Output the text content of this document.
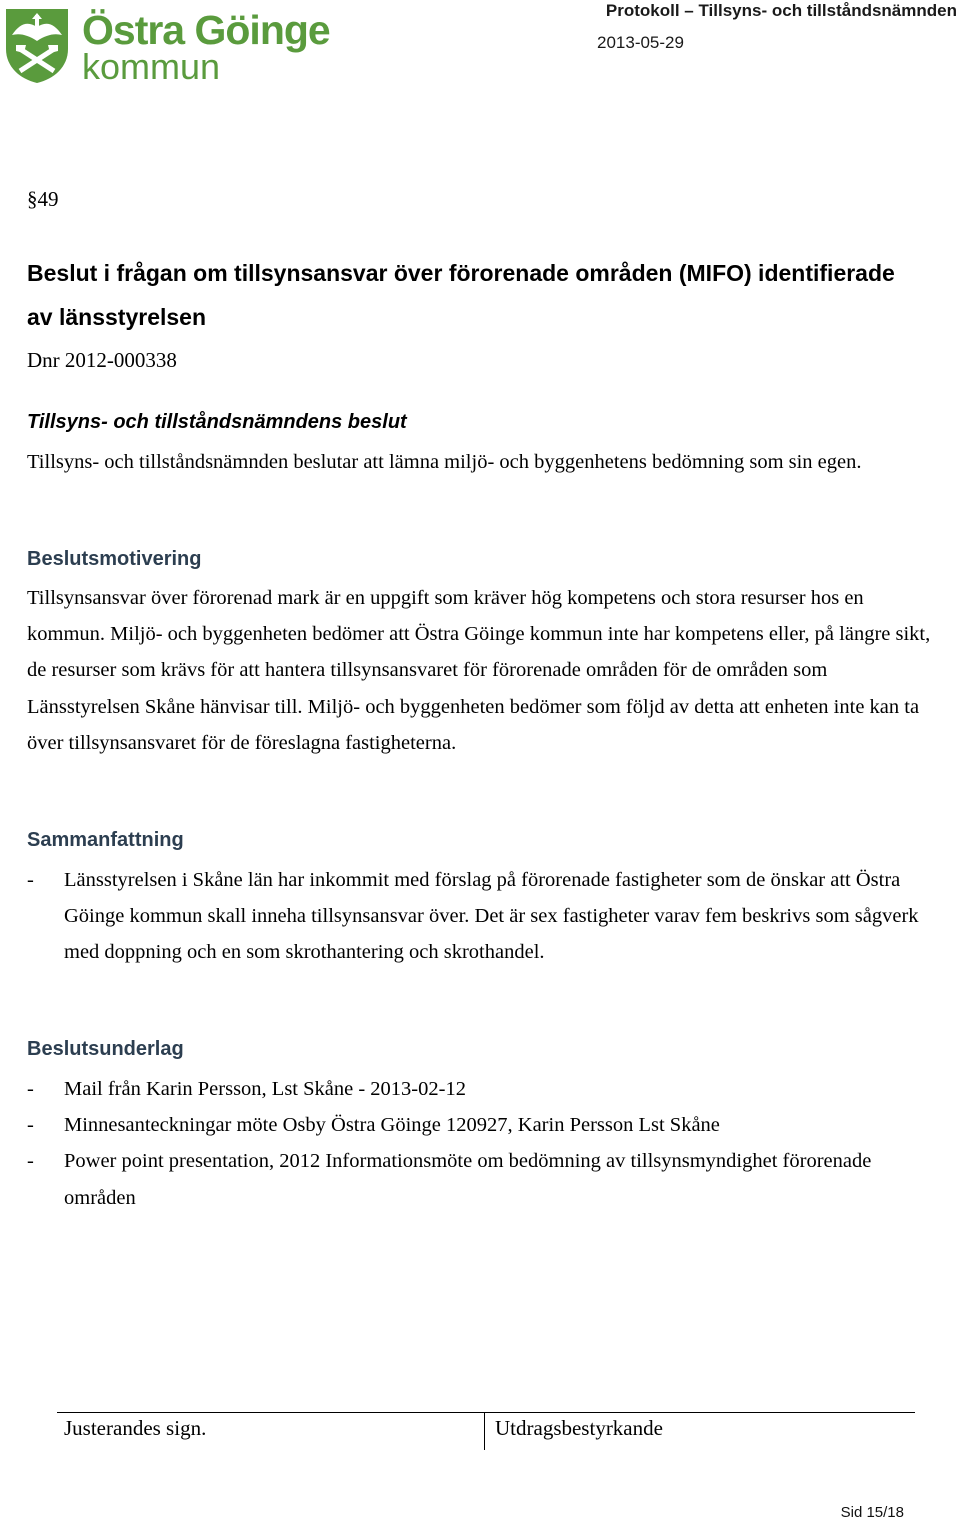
Östra Göinge
kommun
Protokoll – Tillsyns- och tillståndsnämnden
2013-05-29
§49
Beslut i frågan om tillsynsansvar över förorenade områden (MIFO) identifierade av länsstyrelsen
Dnr 2012-000338
Tillsyns- och tillståndsnämndens beslut
Tillsyns- och tillståndsnämnden beslutar att lämna miljö- och byggenhetens bedömning som sin egen.
Beslutsmotivering
Tillsynsansvar över förorenad mark är en uppgift som kräver hög kompetens och stora resurser hos en kommun. Miljö- och byggenheten bedömer att Östra Göinge kommun inte har kompetens eller, på längre sikt, de resurser som krävs för att hantera tillsynsansvaret för förorenade områden för de områden som Länsstyrelsen Skåne hänvisar till. Miljö- och byggenheten bedömer som följd av detta att enheten inte kan ta över tillsynsansvaret för de föreslagna fastigheterna.
Sammanfattning
- Länsstyrelsen i Skåne län har inkommit med förslag på förorenade fastigheter som de önskar att Östra Göinge kommun skall inneha tillsynsansvar över. Det är sex fastigheter varav fem beskrivs som sågverk med doppning och en som skrothantering och skrothandel.
Beslutsunderlag
- Mail från Karin Persson, Lst Skåne - 2013-02-12
- Minnesanteckningar möte Osby Östra Göinge 120927, Karin Persson Lst Skåne
- Power point presentation, 2012 Informationsmöte om bedömning av tillsynsmyndighet förorenade områden
Justerandes sign.	Utdragsbestyrkande
Sid 15/18
